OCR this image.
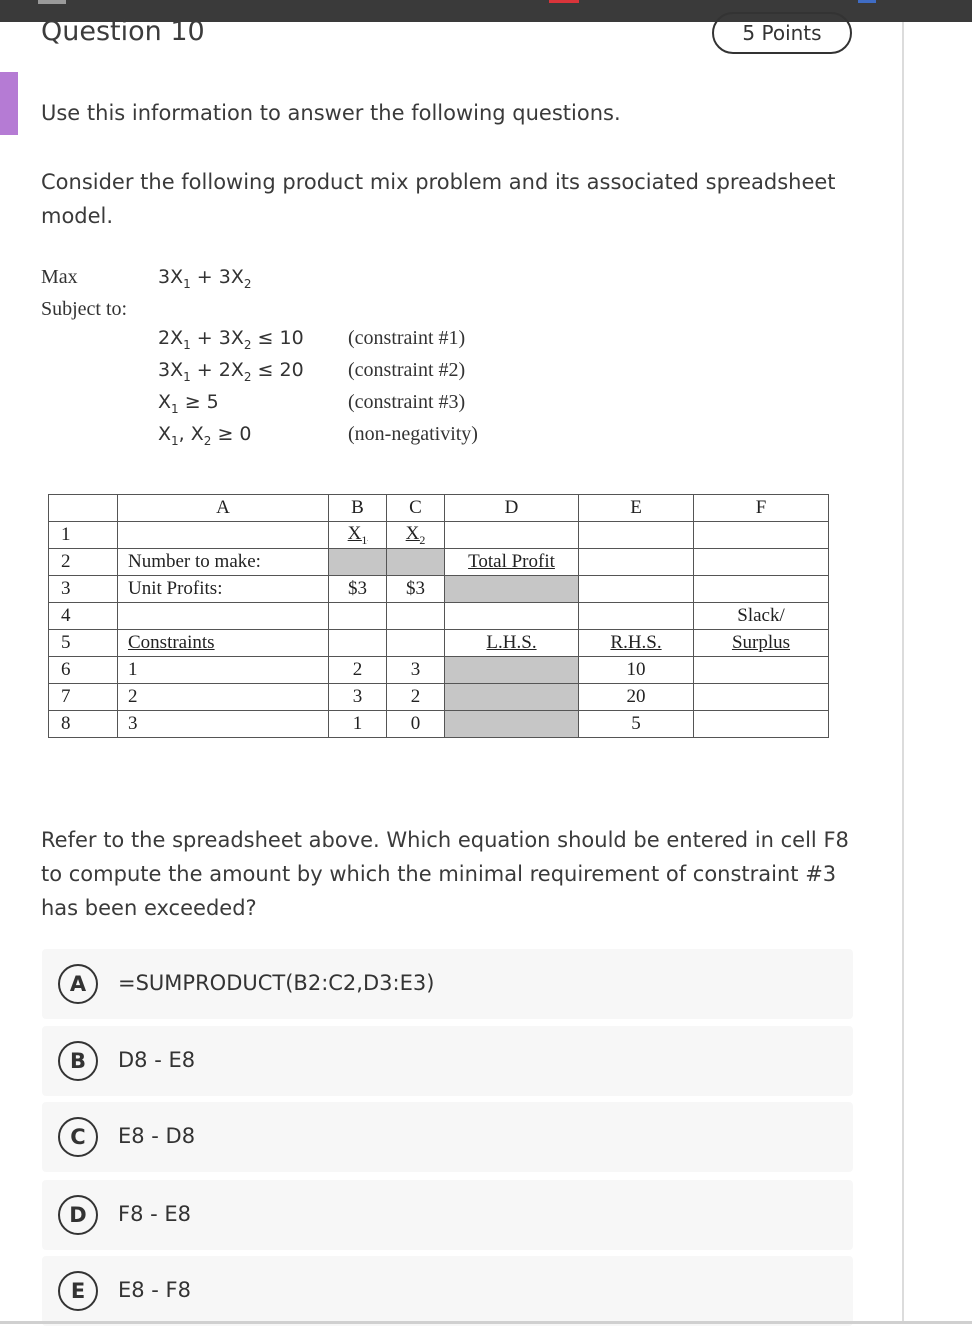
Question 10	5 Points
Use this information to answer the following questions.
Consider the following product mix problem and its associated spreadsheet model.
Max	$3X_1 + 3X_2$
Subject to:
$2X_1 + 3X_2 \le 10$
$3X_1 + 2X_2 \le 20$
$X_1 \ge 5$
$X_1$, $X_2 \ge 0$
(constraint #1)
(constraint #2)
(constraint #3)
(non-negativity)
	A	B	C	D	E	F
1		$X_1$	$X_2$			
2	Number to make:			Total Profit		
3	Unit Profits:	$3	$3			
4						Slack/
5	Constraints			L.H.S.	R.H.S.	Surplus
6	1	2	3		10	
7	2	3	2		20	
8	3	1	0		5	
Refer to the spreadsheet above. Which equation should be entered in cell F8 to compute the amount by which the minimal requirement of constraint #3 has been exceeded?
A	=SUMPRODUCT(B2:C2,D3:E3)
B	D8 - E8
C	E8 - D8
D	F8 - E8
E	E8 - F8
